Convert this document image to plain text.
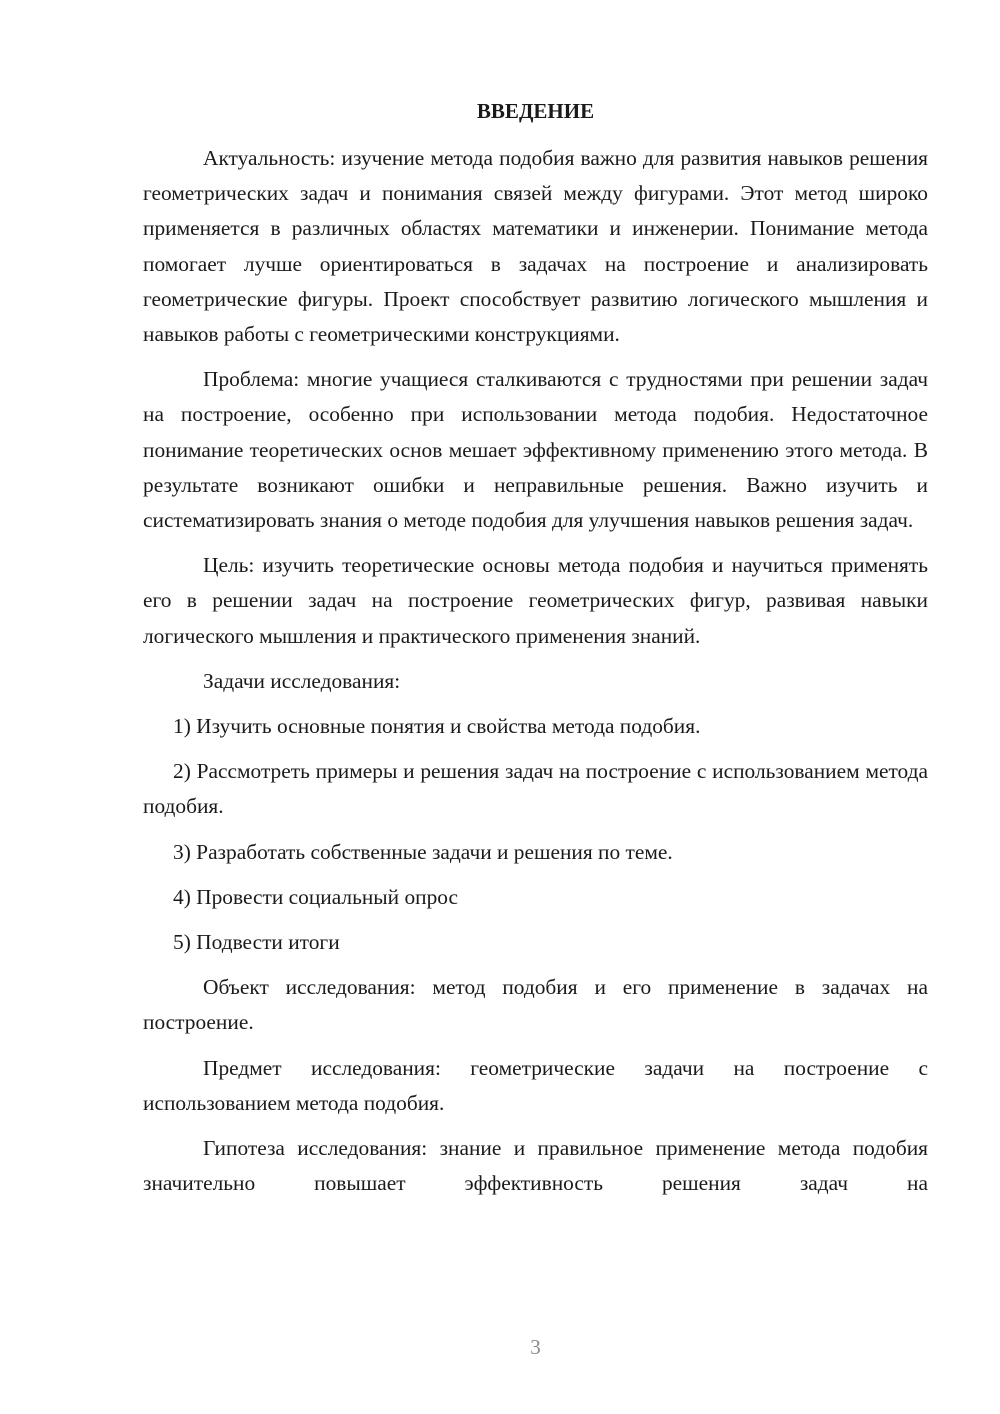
ВВЕДЕНИЕ

Актуальность: изучение метода подобия важно для развития навыков решения геометрических задач и понимания связей между фигурами. Этот метод широко применяется в различных областях математики и инженерии. Понимание метода помогает лучше ориентироваться в задачах на построение и анализировать геометрические фигуры. Проект способствует развитию логического мышления и навыков работы с геометрическими конструкциями.

Проблема: многие учащиеся сталкиваются с трудностями при решении задач на построение, особенно при использовании метода подобия. Недостаточное понимание теоретических основ мешает эффективному применению этого метода. В результате возникают ошибки и неправильные решения. Важно изучить и систематизировать знания о методе подобия для улучшения навыков решения задач.

Цель: изучить теоретические основы метода подобия и научиться применять его в решении задач на построение геометрических фигур, развивая навыки логического мышления и практического применения знаний.

Задачи исследования:

1) Изучить основные понятия и свойства метода подобия.

2) Рассмотреть примеры и решения задач на построение с использованием метода подобия.

3) Разработать собственные задачи и решения по теме.

4) Провести социальный опрос

5) Подвести итоги

Объект исследования: метод подобия и его применение в задачах на построение.

Предмет исследования: геометрические задачи на построение с использованием метода подобия.

Гипотеза исследования: знание и правильное применение метода подобия значительно повышает эффективность решения задач на

3
